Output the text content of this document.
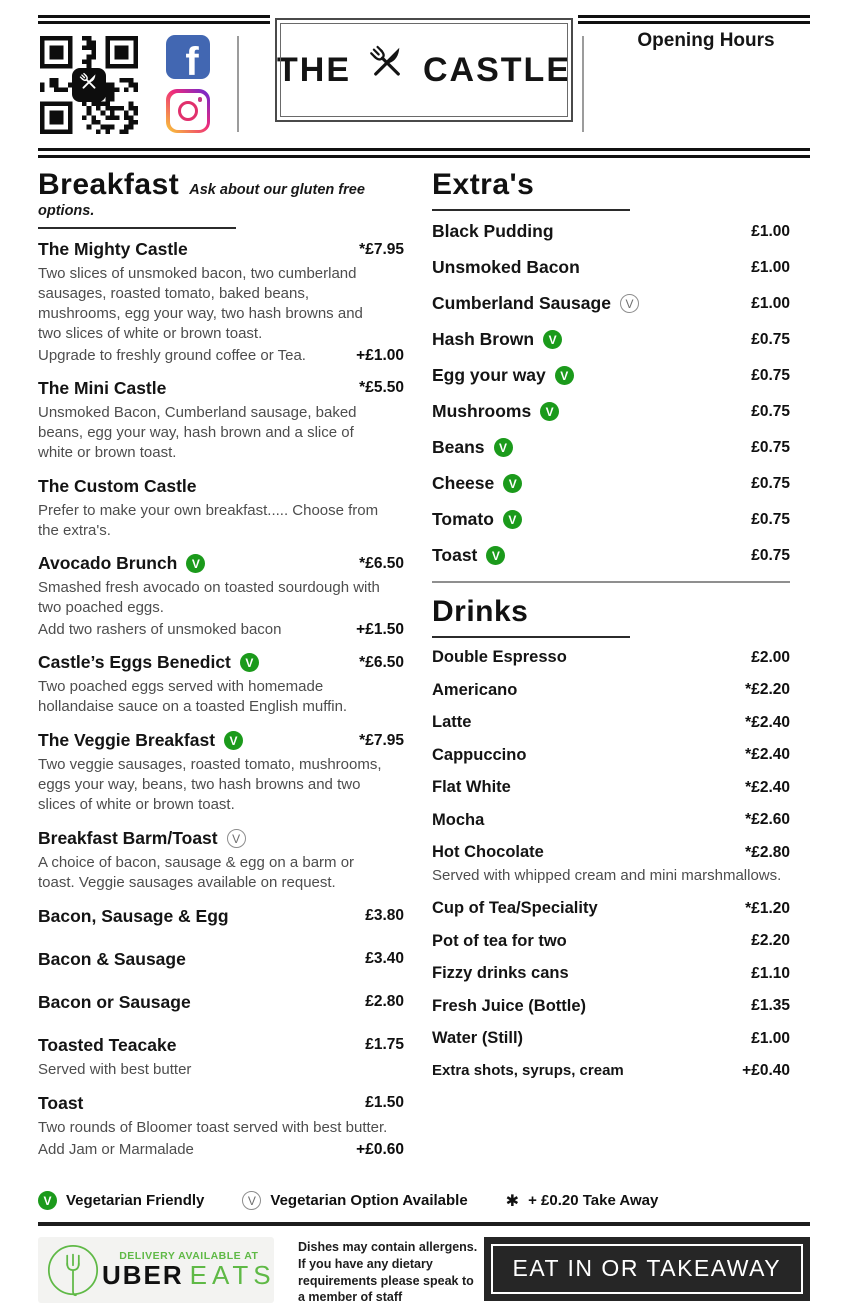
f THE CASTLE
Opening Hours
Breakfast Ask about our gluten free options.
The Mighty Castle	*£7.95
Two slices of unsmoked bacon, two cumberland sausages, roasted tomato, baked beans, mushrooms, egg your way, two hash browns and two slices of white or brown toast.
Upgrade to freshly ground coffee or Tea.	+£1.00
The Mini Castle	*£5.50
Unsmoked Bacon, Cumberland sausage, baked beans, egg your way, hash brown and a slice of white or brown toast.
The Custom Castle
Prefer to make your own breakfast..... Choose from the extra's.
Avocado Brunch	V	*£6.50
Smashed fresh avocado on toasted sourdough with two poached eggs.
Add two rashers of unsmoked bacon	+£1.50
Castle’s Eggs Benedict	V	*£6.50
Two poached eggs served with homemade hollandaise sauce on a toasted English muffin.
The Veggie Breakfast	V	*£7.95
Two veggie sausages, roasted tomato, mushrooms, eggs your way, beans, two hash browns and two slices of white or brown toast.
Breakfast Barm/Toast	V
A choice of bacon, sausage & egg on a barm or toast. Veggie sausages available on request.
Bacon, Sausage & Egg	£3.80
Bacon & Sausage	£3.40
Bacon or Sausage	£2.80
Toasted Teacake	£1.75
Served with best butter
Toast	£1.50
Two rounds of Bloomer toast served with best butter.
Add Jam or Marmalade	+£0.60
Extra's
Black Pudding	£1.00
Unsmoked Bacon	£1.00
Cumberland Sausage	V	£1.00
Hash Brown	V	£0.75
Egg your way	V	£0.75
Mushrooms	V	£0.75
Beans	V	£0.75
Cheese	V	£0.75
Tomato	V	£0.75
Toast	V	£0.75
Drinks
Double Espresso	£2.00
Americano	*£2.20
Latte	*£2.40
Cappuccino	*£2.40
Flat White	*£2.40
Mocha	*£2.60
Hot Chocolate	*£2.80
Served with whipped cream and mini marshmallows.
Cup of Tea/Speciality	*£1.20
Pot of tea for two	£2.20
Fizzy drinks cans	£1.10
Fresh Juice (Bottle)	£1.35
Water (Still)	£1.00
Extra shots, syrups, cream	+£0.40
V Vegetarian Friendly	V Vegetarian Option Available ✱ + £0.20 Take Away
DELIVERY AVAILABLE AT
UBER EATS
Dishes may contain allergens. If you have any dietary requirements please speak to a member of staff
EAT IN OR TAKEAWAY
